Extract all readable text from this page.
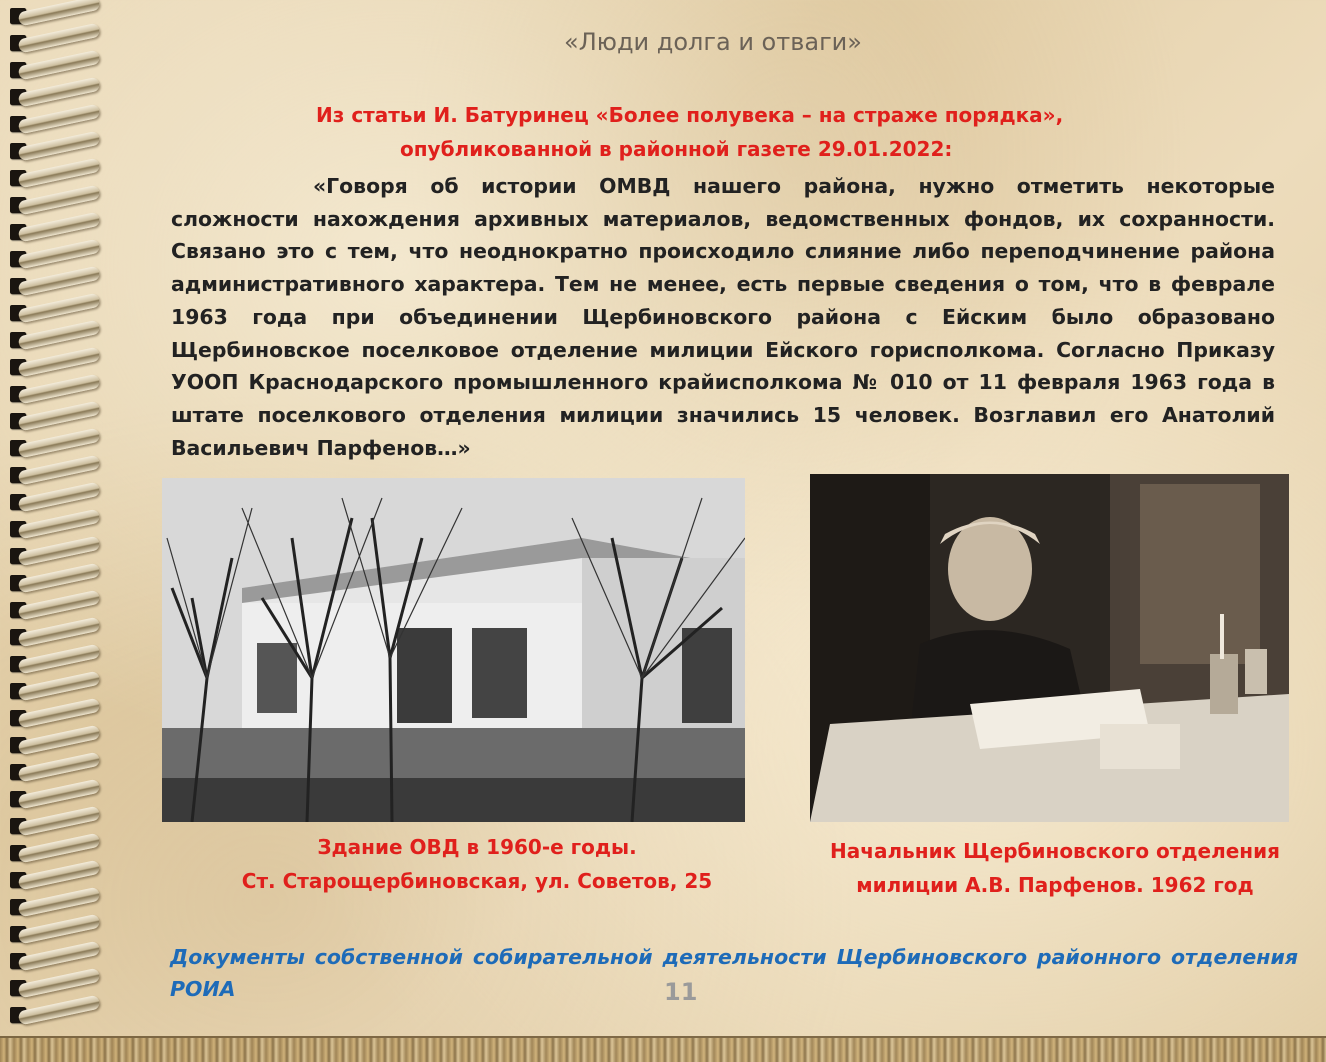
«Люди долга и отваги»
Из статьи И. Батуринец «Более полувека – на страже порядка»,
опубликованной в районной газете 29.01.2022:
«Говоря об истории ОМВД нашего района, нужно отметить некоторые сложности нахождения архивных материалов, ведомственных фондов, их сохранности. Связано это с тем, что неоднократно происходило слияние либо переподчинение района административного характера. Тем не менее, есть первые сведения о том, что в феврале 1963 года при объединении Щербиновского района с Ейским было образовано Щербиновское поселковое отделение милиции Ейского горисполкома. Согласно Приказу УООП Краснодарского промышленного крайисполкома № 010 от 11 февраля 1963 года в штате поселкового отделения милиции значились 15 человек. Возглавил его Анатолий Васильевич Парфенов…»
Здание ОВД в 1960-е годы.
Ст. Старощербиновская, ул. Советов, 25
Начальник Щербиновского отделения
милиции А.В. Парфенов. 1962 год
Документы собственной собирательной деятельности Щербиновского районного отделения РОИА	11
